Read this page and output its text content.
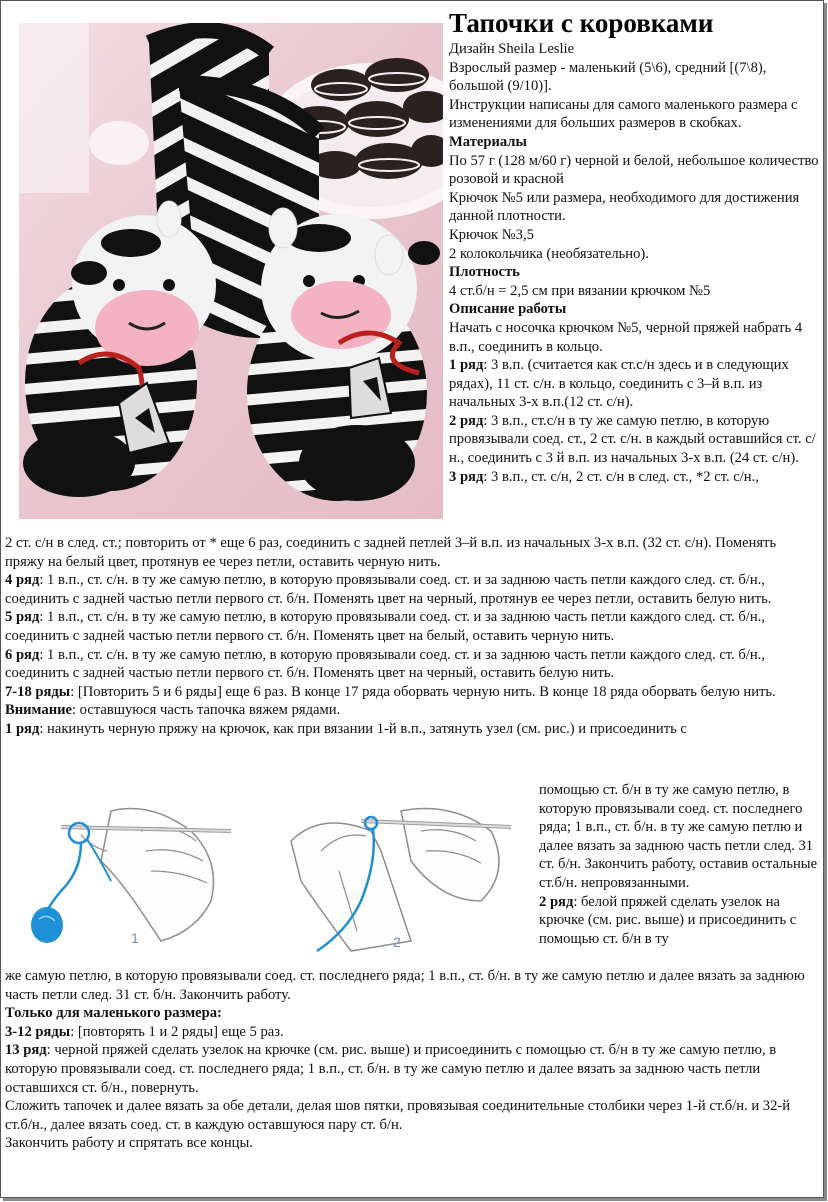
Тапочки с коровками

Дизайн Sheila Leslie

Взрослый размер - маленький (5\6), средний [(7\8), большой (9/10)].

Инструкции написаны для самого маленького размера с изменениями для больших размеров в скобках.

Материалы

По 57 г (128 м/60 г) черной и белой, небольшое количество розовой и красной

Крючок №5 или размера, необходимого для достижения данной плотности.

Крючок №3,5

2 колокольчика (необязательно).

Плотность

4 ст.б/н = 2,5 см при вязании крючком №5

Описание работы

Начать с носочка крючком №5, черной пряжей набрать 4 в.п., соединить в кольцо.

1 ряд: 3 в.п. (считается как ст.с/н здесь и в следующих рядах), 11 ст. с/н. в кольцо, соединить с 3–й в.п. из начальных 3-х в.п.(12 ст. с/н).

2 ряд: 3 в.п., ст.с/н в ту же самую петлю, в которую провязывали соед. ст., 2 ст. с/н. в каждый оставшийся ст. с/н., соединить с 3 й в.п. из начальных 3-х в.п. (24 ст. с/н).

3 ряд: 3 в.п., ст. с/н, 2 ст. с/н в след. ст., *2 ст. с/н.,

2 ст. с/н в след. ст.; повторить от * еще 6 раз, соединить с задней петлей 3–й в.п. из начальных 3-х в.п. (32 ст. с/н). Поменять пряжу на белый цвет, протянув ее через петли, оставить черную нить.

4 ряд: 1 в.п., ст. с/н. в ту же самую петлю, в которую провязывали соед. ст. и за заднюю часть петли каждого след. ст. б/н., соединить с задней частью петли первого ст. б/н. Поменять цвет на черный, протянув ее через петли, оставить белую нить.

5 ряд: 1 в.п., ст. с/н. в ту же самую петлю, в которую провязывали соед. ст. и за заднюю часть петли каждого след. ст. б/н., соединить с задней частью петли первого ст. б/н. Поменять цвет на белый, оставить черную нить.

6 ряд: 1 в.п., ст. с/н. в ту же самую петлю, в которую провязывали соед. ст. и за заднюю часть петли каждого след. ст. б/н., соединить с задней частью петли первого ст. б/н. Поменять цвет на черный, оставить белую нить.

7-18 ряды: [Повторить 5 и 6 ряды] еще 6 раз. В конце 17 ряда оборвать черную нить. В конце 18 ряда оборвать белую нить.

Внимание: оставшуюся часть тапочка вяжем рядами.

1 ряд: накинуть черную пряжу на крючок, как при вязании 1-й в.п., затянуть узел (см. рис.) и присоединить с

1	2

помощью ст. б/н в ту же самую петлю, в которую провязывали соед. ст. последнего ряда; 1 в.п., ст. б/н. в ту же самую петлю и далее вязать за заднюю часть петли след. 31 ст. б/н. Закончить работу, оставив остальные ст.б/н. непровязанными.

2 ряд: белой пряжей сделать узелок на крючке (см. рис. выше) и присоединить с помощью ст. б/н в ту

же самую петлю, в которую провязывали соед. ст. последнего ряда; 1 в.п., ст. б/н. в ту же самую петлю и далее вязать за заднюю часть петли след. 31 ст. б/н. Закончить работу.

Только для маленького размера:

3-12 ряды: [повторять 1 и 2 ряды] еще 5 раз.

13 ряд: черной пряжей сделать узелок на крючке (см. рис. выше) и присоединить с помощью ст. б/н в ту же самую петлю, в которую провязывали соед. ст. последнего ряда; 1 в.п., ст. б/н. в ту же самую петлю и далее вязать за заднюю часть петли оставшихся ст. б/н., повернуть.

Сложить тапочек и далее вязать за обе детали, делая шов пятки, провязывая соединительные столбики через 1-й ст.б/н. и 32-й ст.б/н., далее вязать соед. ст. в каждую оставшуюся пару ст. б/н.

Закончить работу и спрятать все концы.
